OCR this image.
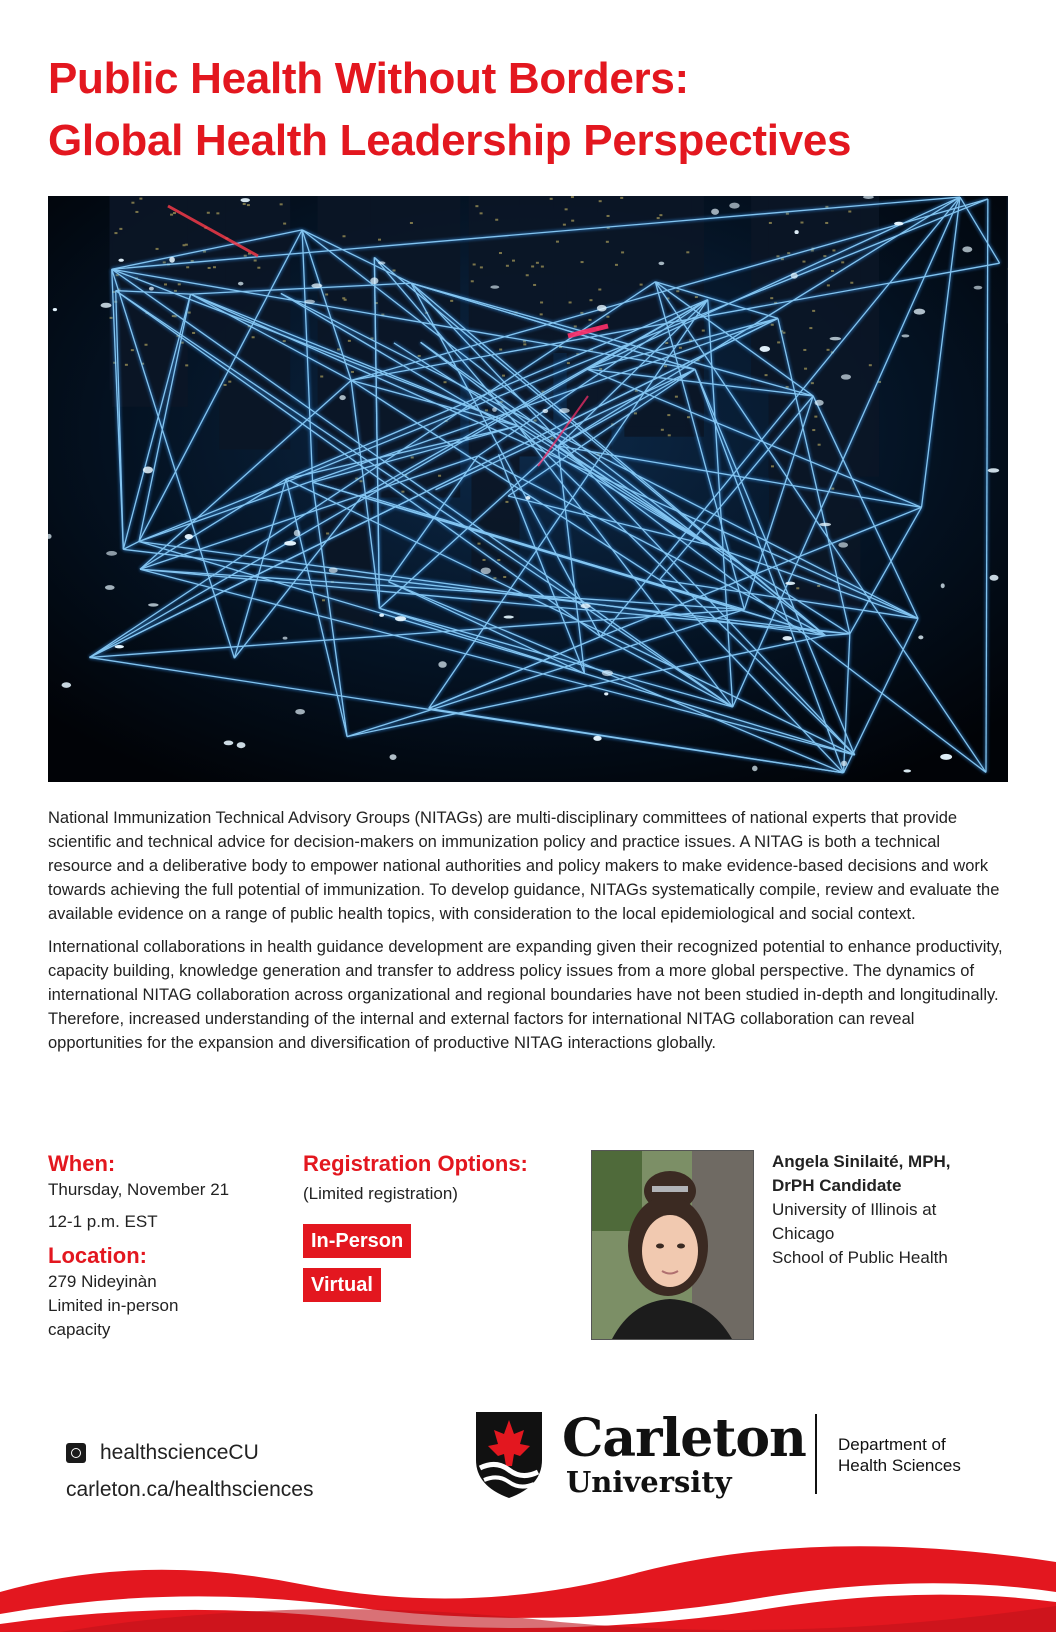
Public Health Without Borders:
Global Health Leadership Perspectives

National Immunization Technical Advisory Groups (NITAGs) are multi-disciplinary committees of national experts that provide scientific and technical advice for decision-makers on immunization policy and practice issues. A NITAG is both a technical resource and a deliberative body to empower national authorities and policy makers to make evidence-based decisions and work towards achieving the full potential of immunization. To develop guidance, NITAGs systematically compile, review and evaluate the available evidence on a range of public health topics, with consideration to the local epidemiological and social context.

International collaborations in health guidance development are expanding given their recognized potential to enhance productivity, capacity building, knowledge generation and transfer to address policy issues from a more global perspective. The dynamics of international NITAG collaboration across organizational and regional boundaries have not been studied in-depth and longitudinally. Therefore, increased understanding of the internal and external factors for international NITAG collaboration can reveal opportunities for the expansion and diversification of productive NITAG interactions globally.

When:

Thursday, November 21

12-1 p.m. EST

Location:

279 Nideyinàn

Limited in-person capacity

Registration Options:

(Limited registration)

In-Person
Virtual

Angela Sinilaité, MPH,

DrPH Candidate

University of Illinois at

Chicago

School of Public Health

healthscienceCU
carleton.ca/healthsciences
Carleton
University
Department of
Health Sciences
